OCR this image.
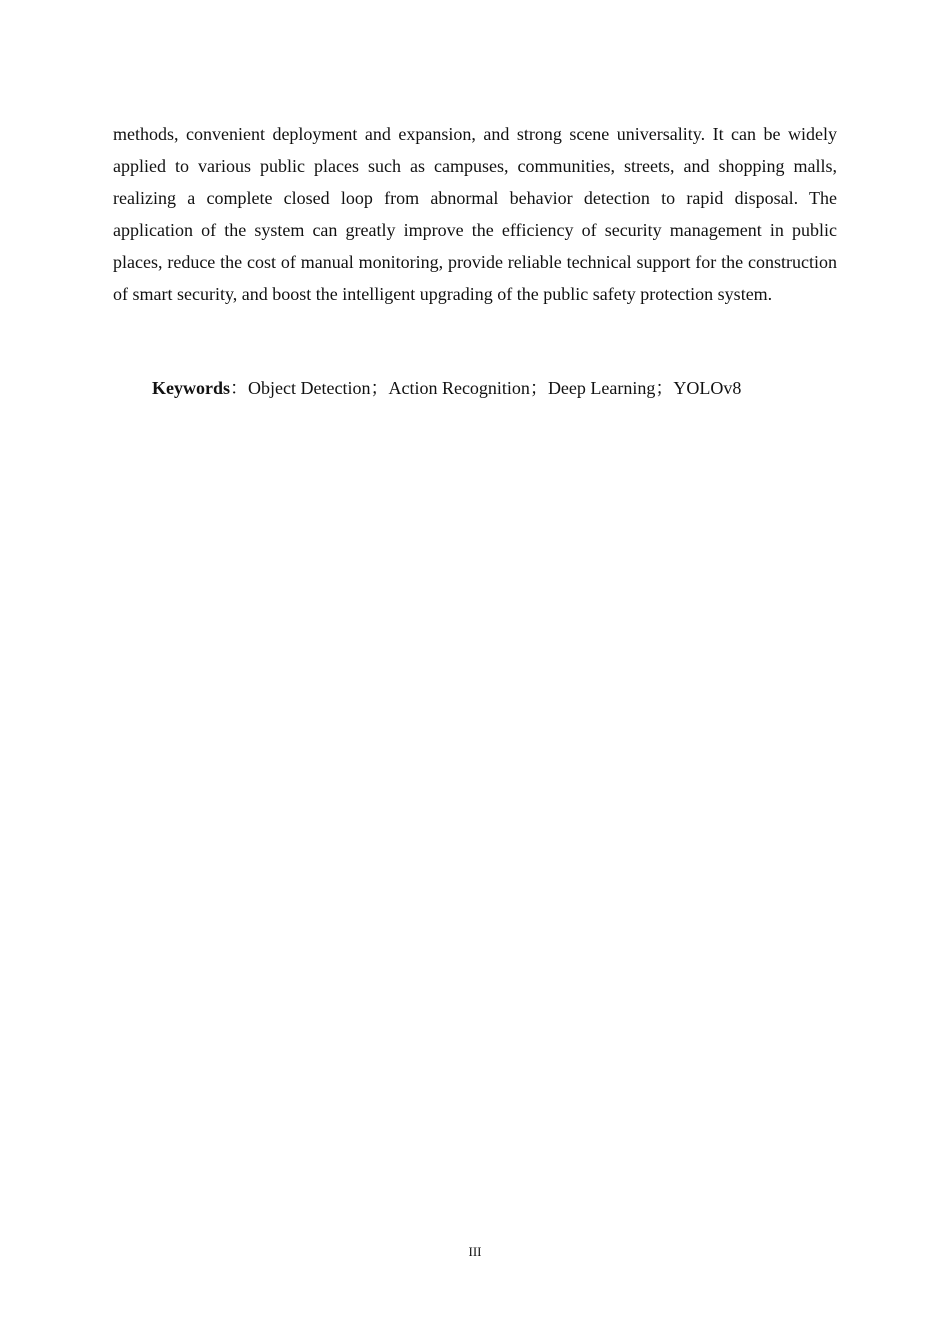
methods, convenient deployment and expansion, and strong scene universality. It can be widely applied to various public places such as campuses, communities, streets, and shopping malls, realizing a complete closed loop from abnormal behavior detection to rapid disposal. The application of the system can greatly improve the efficiency of security management in public places, reduce the cost of manual monitoring, provide reliable technical support for the construction of smart security, and boost the intelligent upgrading of the public safety protection system.

Keywords：Object Detection；Action Recognition；Deep Learning；YOLOv8

III
